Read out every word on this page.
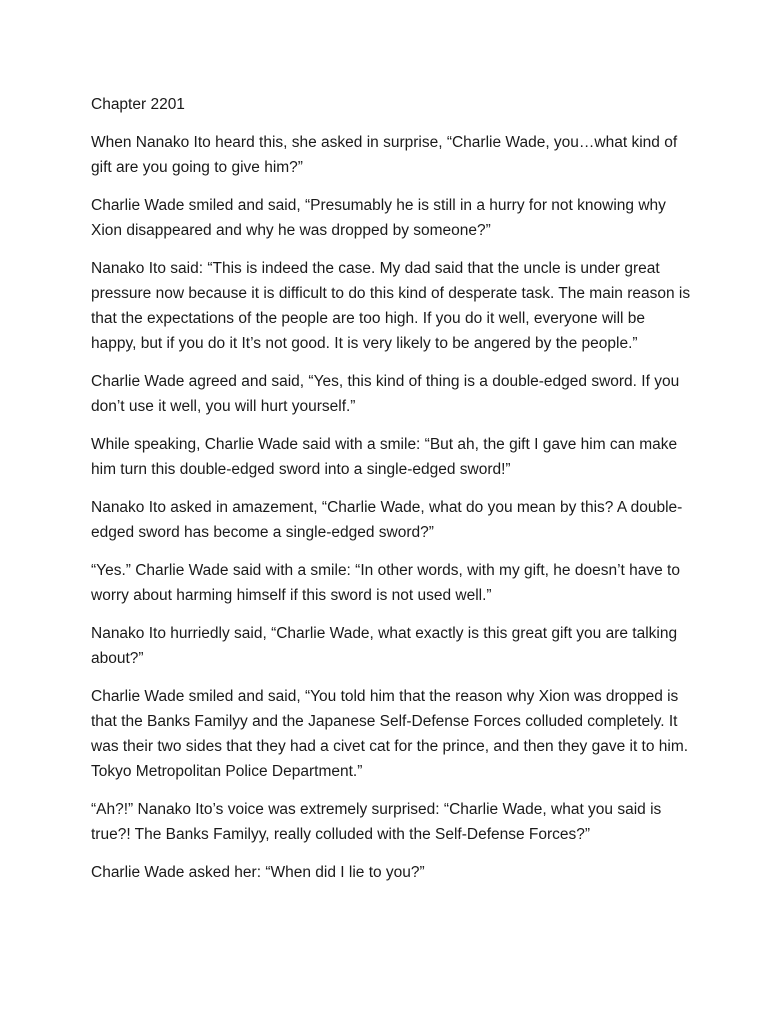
Chapter 2201
When Nanako Ito heard this, she asked in surprise, “Charlie Wade, you…what kind of gift are you going to give him?”
Charlie Wade smiled and said, “Presumably he is still in a hurry for not knowing why Xion disappeared and why he was dropped by someone?”
Nanako Ito said: “This is indeed the case. My dad said that the uncle is under great pressure now because it is difficult to do this kind of desperate task. The main reason is that the expectations of the people are too high. If you do it well, everyone will be happy, but if you do it It’s not good. It is very likely to be angered by the people.”
Charlie Wade agreed and said, “Yes, this kind of thing is a double-edged sword. If you don’t use it well, you will hurt yourself.”
While speaking, Charlie Wade said with a smile: “But ah, the gift I gave him can make him turn this double-edged sword into a single-edged sword!”
Nanako Ito asked in amazement, “Charlie Wade, what do you mean by this? A double-edged sword has become a single-edged sword?”
“Yes.” Charlie Wade said with a smile: “In other words, with my gift, he doesn’t have to worry about harming himself if this sword is not used well.”
Nanako Ito hurriedly said, “Charlie Wade, what exactly is this great gift you are talking about?”
Charlie Wade smiled and said, “You told him that the reason why Xion was dropped is that the Banks Familyy and the Japanese Self-Defense Forces colluded completely. It was their two sides that they had a civet cat for the prince, and then they gave it to him. Tokyo Metropolitan Police Department.”
“Ah?!” Nanako Ito’s voice was extremely surprised: “Charlie Wade, what you said is true?! The Banks Familyy, really colluded with the Self-Defense Forces?”
Charlie Wade asked her: “When did I lie to you?”
